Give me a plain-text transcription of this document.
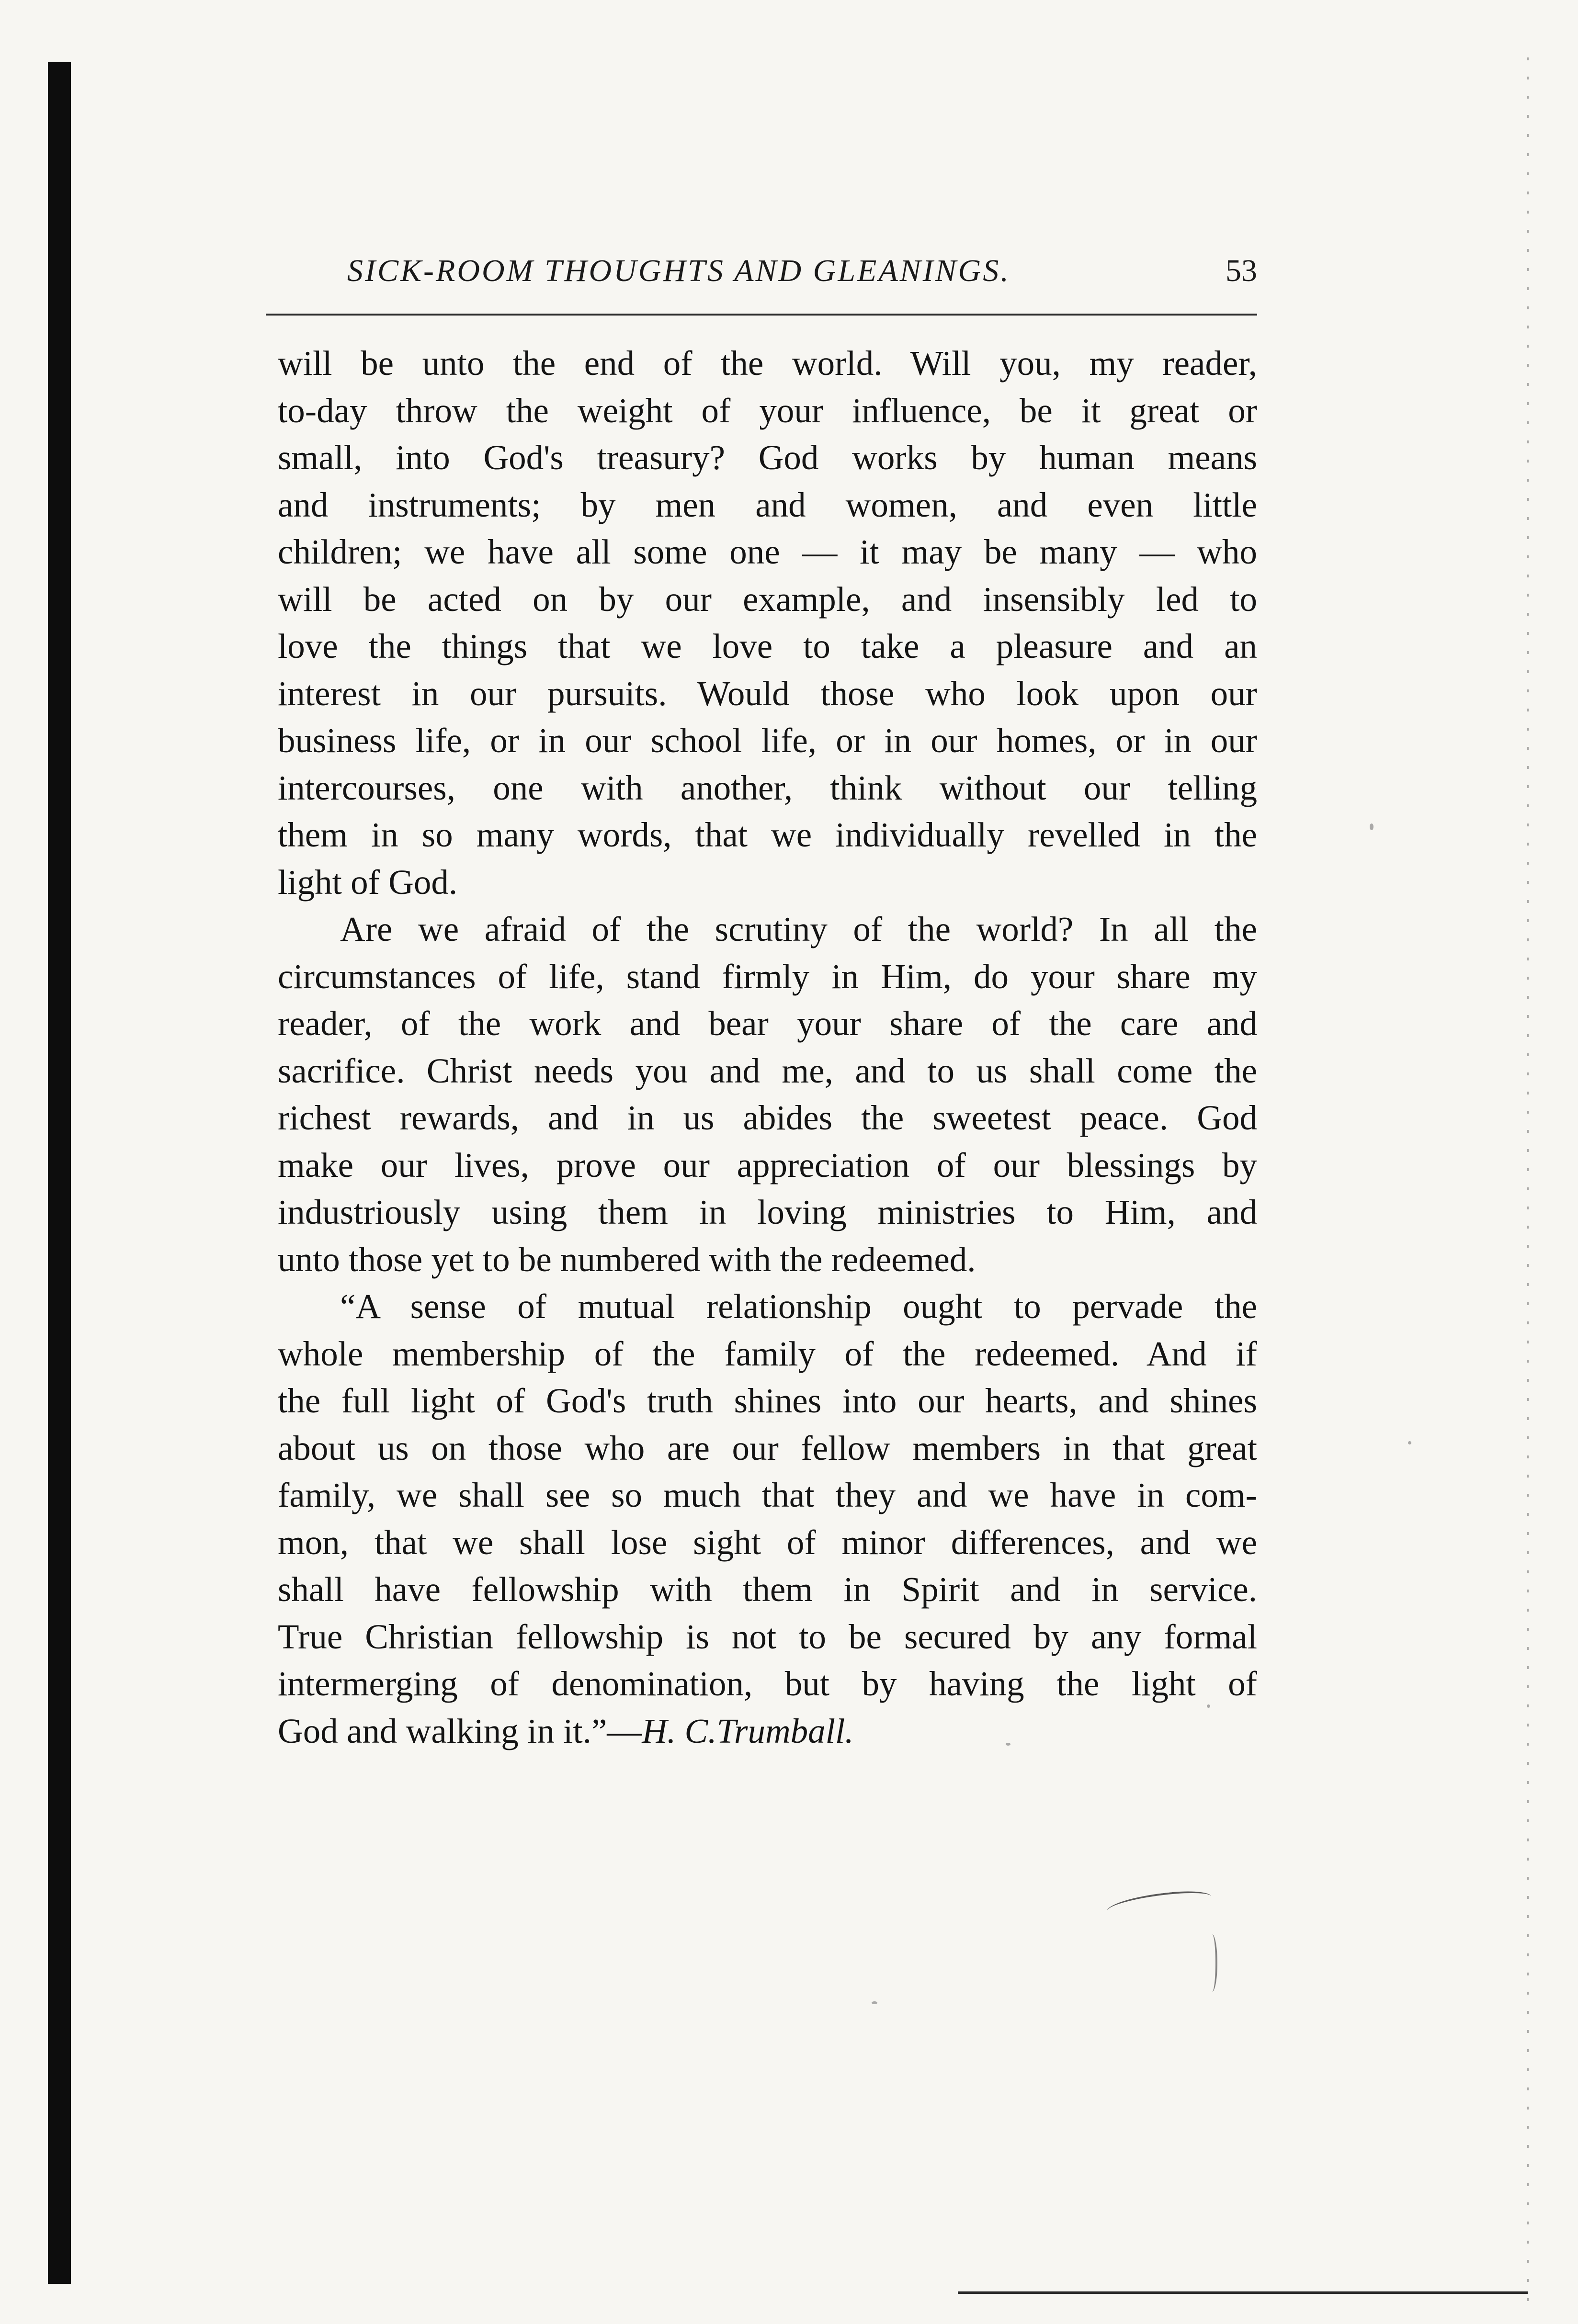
SICK-ROOM THOUGHTS AND GLEANINGS.	53
will be unto the end of the world. Will you, my reader,
to-day throw the weight of your influence, be it great or
small, into God's treasury? God works by human means
and instruments; by men and women, and even little
children; we have all some one — it may be many — who
will be acted on by our example, and insensibly led to
love the things that we love to take a pleasure and an
interest in our pursuits. Would those who look upon our
business life, or in our school life, or in our homes, or in our
intercourses, one with another, think without our telling
them in so many words, that we individually revelled in the
light of God.
Are we afraid of the scrutiny of the world? In all the
circumstances of life, stand firmly in Him, do your share my
reader, of the work and bear your share of the care and
sacrifice. Christ needs you and me, and to us shall come the
richest rewards, and in us abides the sweetest peace. God
make our lives, prove our appreciation of our blessings by
industriously using them in loving ministries to Him, and
unto those yet to be numbered with the redeemed.
“A sense of mutual relationship ought to pervade the
whole membership of the family of the redeemed. And if
the full light of God's truth shines into our hearts, and shines
about us on those who are our fellow members in that great
family, we shall see so much that they and we have in com-
mon, that we shall lose sight of minor differences, and we
shall have fellowship with them in Spirit and in service.
True Christian fellowship is not to be secured by any formal
intermerging of denomination, but by having the light of
God and walking in it.”—H. C.Trumball.
